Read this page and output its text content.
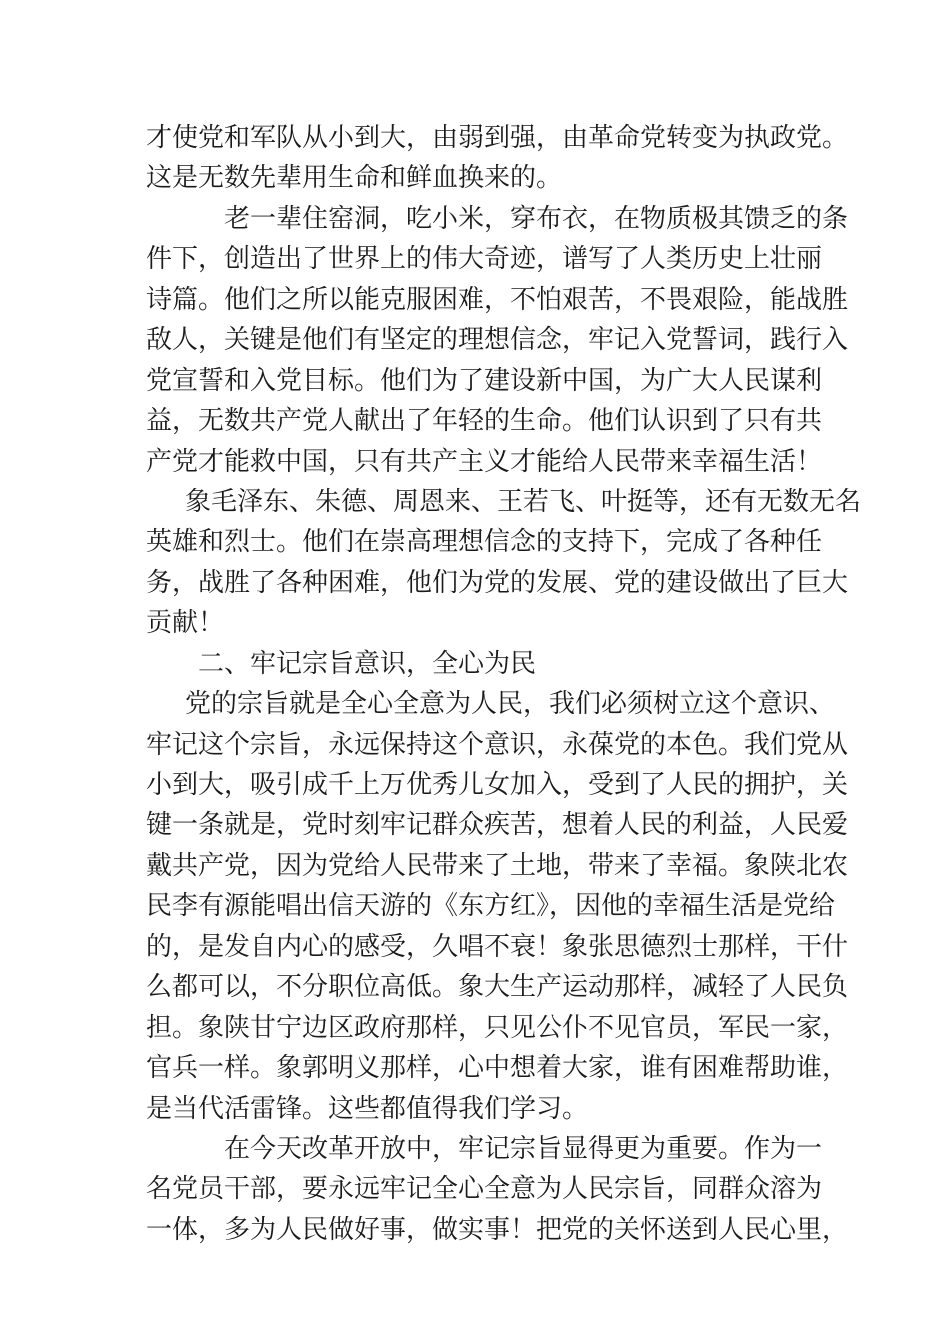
才使党和军队从小到大，由弱到强，由革命党转变为执政党。
这是无数先辈用生命和鲜血换来的。
老一辈住窑洞，吃小米，穿布衣，在物质极其馈乏的条
件下，创造出了世界上的伟大奇迹，谱写了人类历史上壮丽
诗篇。他们之所以能克服困难，不怕艰苦，不畏艰险，能战胜
敌人，关键是他们有坚定的理想信念，牢记入党誓词，践行入
党宣誓和入党目标。他们为了建设新中国，为广大人民谋利
益，无数共产党人献出了年轻的生命。他们认识到了只有共
产党才能救中国，只有共产主义才能给人民带来幸福生活！
象毛泽东、朱德、周恩来、王若飞、叶挺等，还有无数无名
英雄和烈士。他们在崇高理想信念的支持下，完成了各种任
务，战胜了各种困难，他们为党的发展、党的建设做出了巨大
贡献！
二、牢记宗旨意识，全心为民
党的宗旨就是全心全意为人民，我们必须树立这个意识、
牢记这个宗旨，永远保持这个意识，永葆党的本色。我们党从
小到大，吸引成千上万优秀儿女加入，受到了人民的拥护，关
键一条就是，党时刻牢记群众疾苦，想着人民的利益，人民爱
戴共产党，因为党给人民带来了土地，带来了幸福。象陕北农
民李有源能唱出信天游的《东方红》，因他的幸福生活是党给
的，是发自内心的感受，久唱不衰！象张思德烈士那样，干什
么都可以，不分职位高低。象大生产运动那样，减轻了人民负
担。象陕甘宁边区政府那样，只见公仆不见官员，军民一家，
官兵一样。象郭明义那样，心中想着大家，谁有困难帮助谁，
是当代活雷锋。这些都值得我们学习。
在今天改革开放中，牢记宗旨显得更为重要。作为一
名党员干部，要永远牢记全心全意为人民宗旨，同群众溶为
一体，多为人民做好事，做实事！把党的关怀送到人民心里，
